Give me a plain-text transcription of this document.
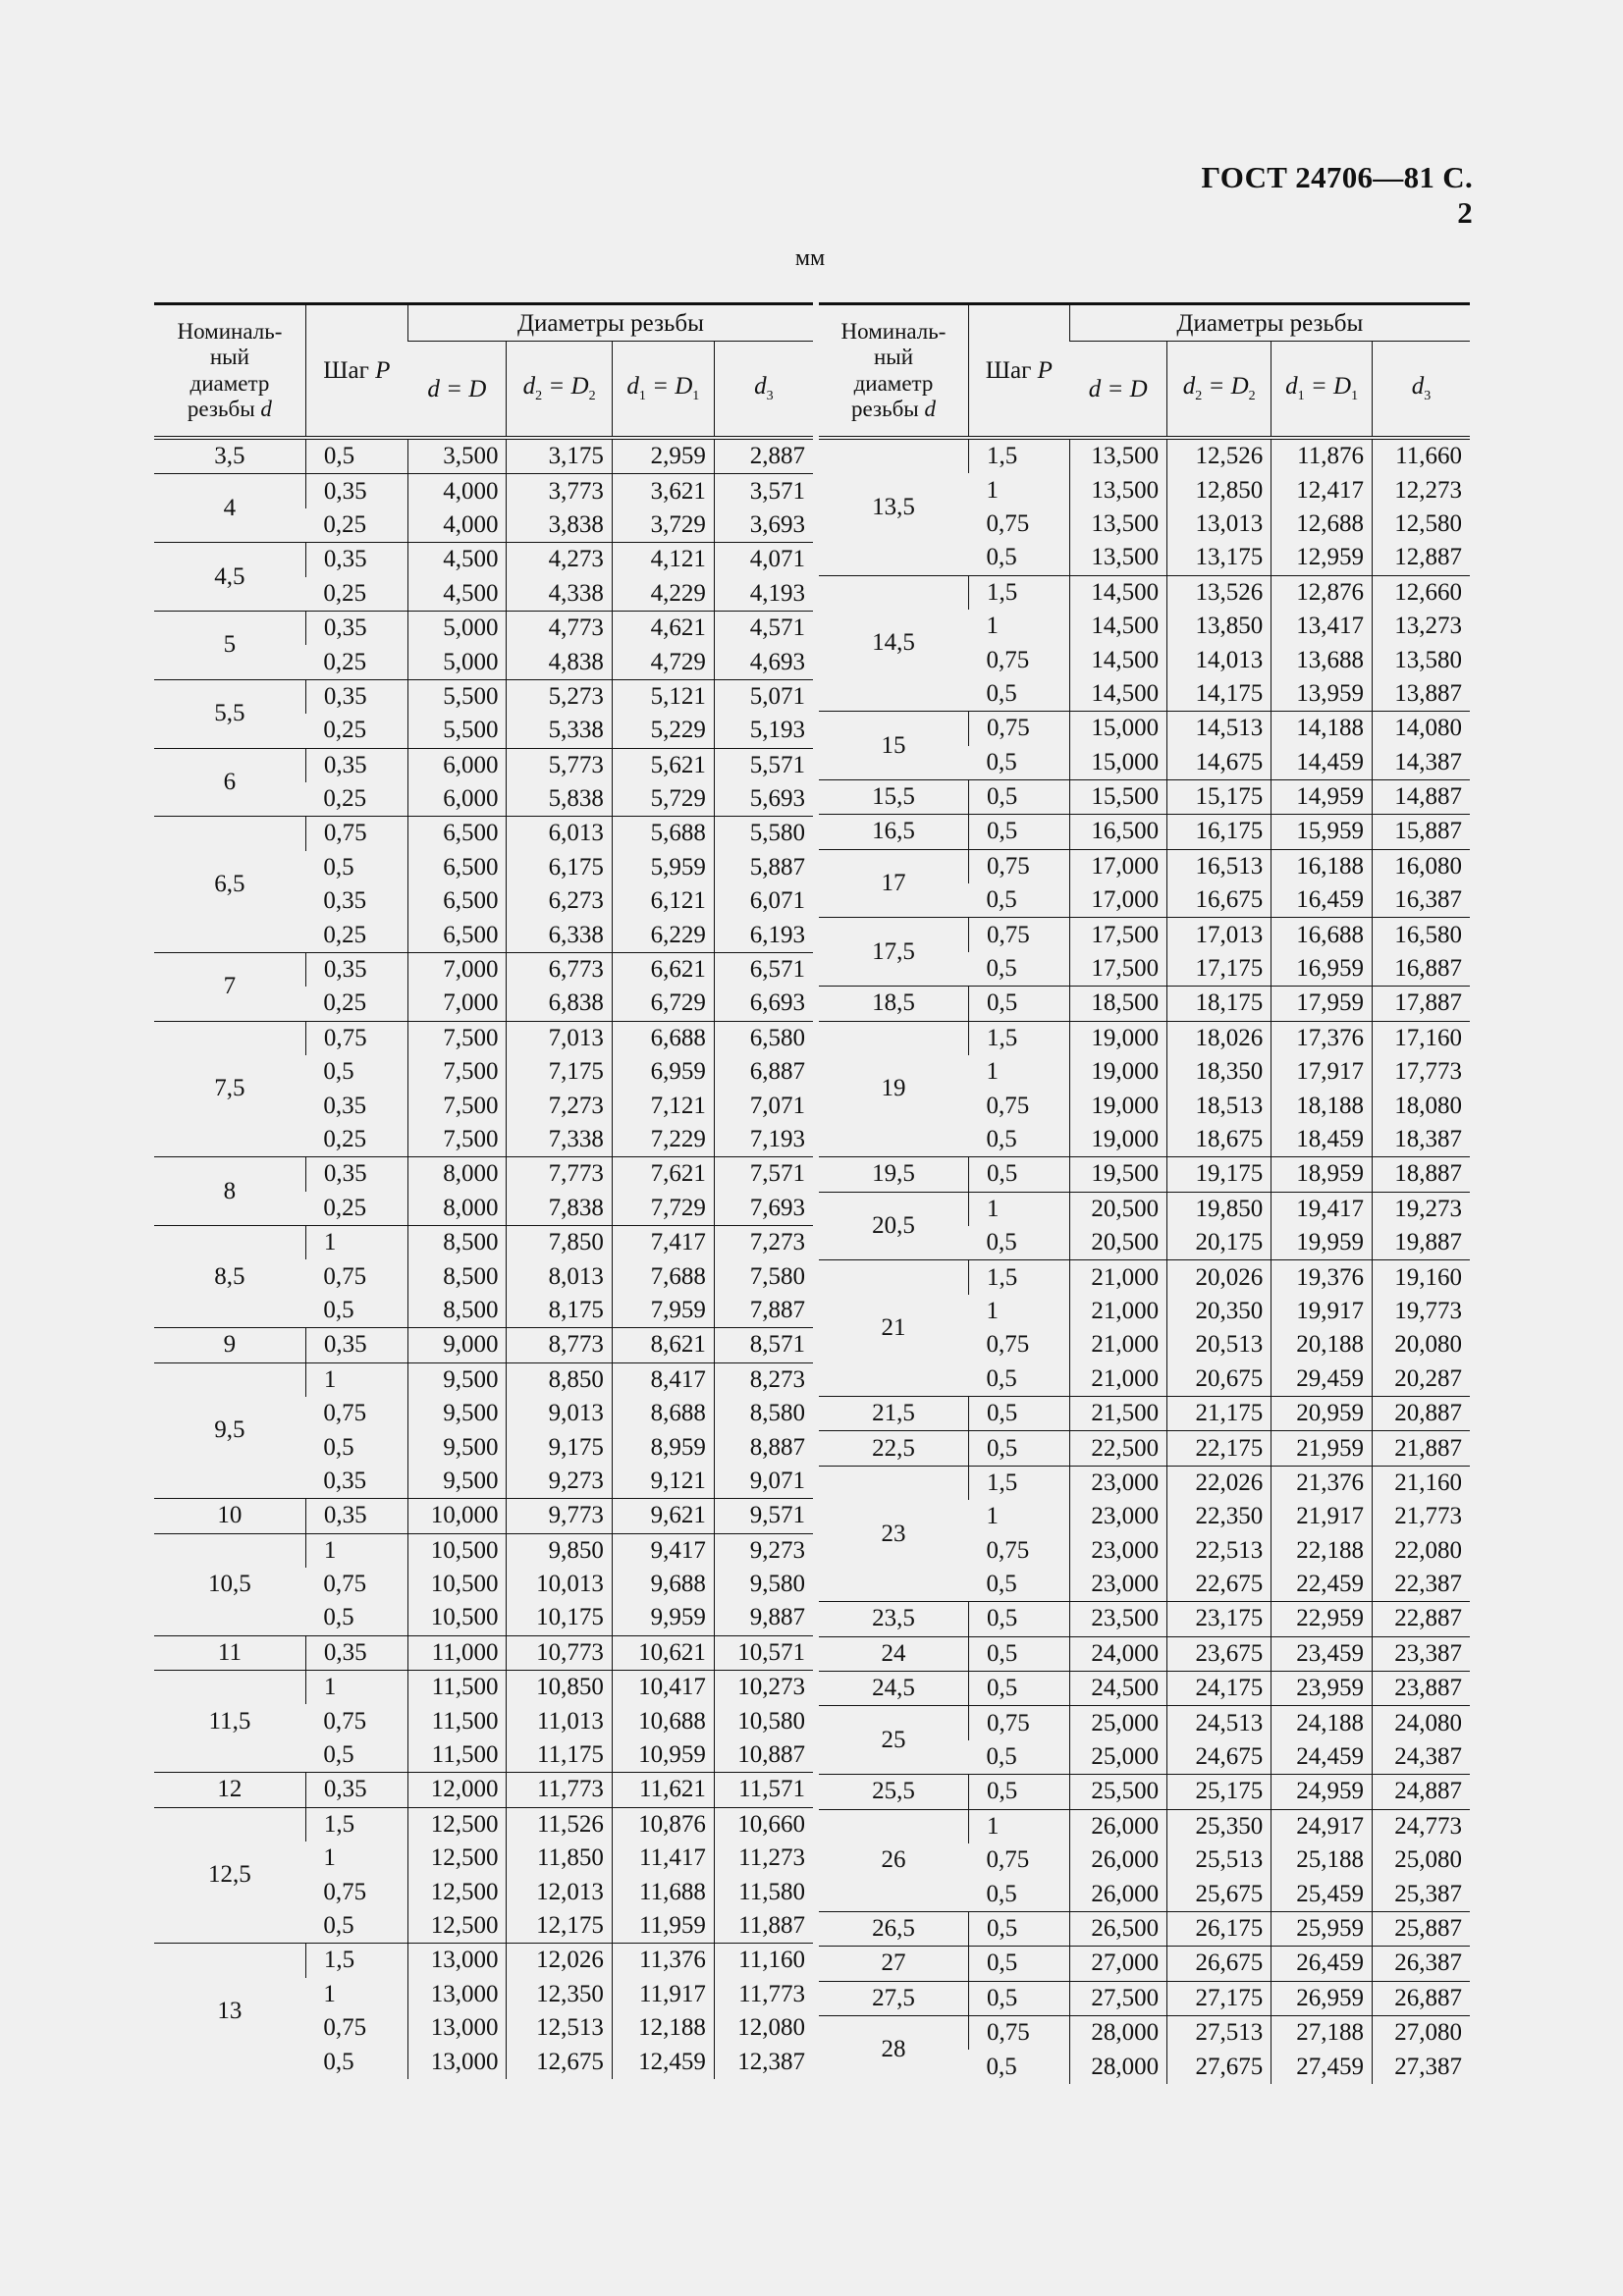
ГОСТ 24706—81 С. 2
мм
Номиналь-
ный
диаметр
резьбы d	Шаг P	Диаметры резьбы			
		d = D	$d_2 = D_2$	$d_1 = D_1$	$d_3$
3,5	0,5	3,500	3,175	2,959	2,887
4	0,35	4,000	3,773	3,621	3,571
	0,25	4,000	3,838	3,729	3,693
4,5	0,35	4,500	4,273	4,121	4,071
	0,25	4,500	4,338	4,229	4,193
5	0,35	5,000	4,773	4,621	4,571
	0,25	5,000	4,838	4,729	4,693
5,5	0,35	5,500	5,273	5,121	5,071
	0,25	5,500	5,338	5,229	5,193
6	0,35	6,000	5,773	5,621	5,571
	0,25	6,000	5,838	5,729	5,693
6,5	0,75	6,500	6,013	5,688	5,580
	0,5	6,500	6,175	5,959	5,887
	0,35	6,500	6,273	6,121	6,071
	0,25	6,500	6,338	6,229	6,193
7	0,35	7,000	6,773	6,621	6,571
	0,25	7,000	6,838	6,729	6,693
7,5	0,75	7,500	7,013	6,688	6,580
	0,5	7,500	7,175	6,959	6,887
	0,35	7,500	7,273	7,121	7,071
	0,25	7,500	7,338	7,229	7,193
8	0,35	8,000	7,773	7,621	7,571
	0,25	8,000	7,838	7,729	7,693
8,5	1	8,500	7,850	7,417	7,273
	0,75	8,500	8,013	7,688	7,580
	0,5	8,500	8,175	7,959	7,887
9	0,35	9,000	8,773	8,621	8,571
9,5	1	9,500	8,850	8,417	8,273
	0,75	9,500	9,013	8,688	8,580
	0,5	9,500	9,175	8,959	8,887
	0,35	9,500	9,273	9,121	9,071
10	0,35	10,000	9,773	9,621	9,571
10,5	1	10,500	9,850	9,417	9,273
	0,75	10,500	10,013	9,688	9,580
	0,5	10,500	10,175	9,959	9,887
11	0,35	11,000	10,773	10,621	10,571
11,5	1	11,500	10,850	10,417	10,273
	0,75	11,500	11,013	10,688	10,580
	0,5	11,500	11,175	10,959	10,887
12	0,35	12,000	11,773	11,621	11,571
12,5	1,5	12,500	11,526	10,876	10,660
	1	12,500	11,850	11,417	11,273
	0,75	12,500	12,013	11,688	11,580
	0,5	12,500	12,175	11,959	11,887
13	1,5	13,000	12,026	11,376	11,160
	1	13,000	12,350	11,917	11,773
	0,75	13,000	12,513	12,188	12,080
	0,5	13,000	12,675	12,459	12,387
Номиналь-
ный
диаметр
резьбы d	Шаг P	Диаметры резьбы			
		d = D	$d_2 = D_2$	$d_1 = D_1$	$d_3$
13,5	1,5	13,500	12,526	11,876	11,660
	1	13,500	12,850	12,417	12,273
	0,75	13,500	13,013	12,688	12,580
	0,5	13,500	13,175	12,959	12,887
14,5	1,5	14,500	13,526	12,876	12,660
	1	14,500	13,850	13,417	13,273
	0,75	14,500	14,013	13,688	13,580
	0,5	14,500	14,175	13,959	13,887
15	0,75	15,000	14,513	14,188	14,080
	0,5	15,000	14,675	14,459	14,387
15,5	0,5	15,500	15,175	14,959	14,887
16,5	0,5	16,500	16,175	15,959	15,887
17	0,75	17,000	16,513	16,188	16,080
	0,5	17,000	16,675	16,459	16,387
17,5	0,75	17,500	17,013	16,688	16,580
	0,5	17,500	17,175	16,959	16,887
18,5	0,5	18,500	18,175	17,959	17,887
19	1,5	19,000	18,026	17,376	17,160
	1	19,000	18,350	17,917	17,773
	0,75	19,000	18,513	18,188	18,080
	0,5	19,000	18,675	18,459	18,387
19,5	0,5	19,500	19,175	18,959	18,887
20,5	1	20,500	19,850	19,417	19,273
	0,5	20,500	20,175	19,959	19,887
21	1,5	21,000	20,026	19,376	19,160
	1	21,000	20,350	19,917	19,773
	0,75	21,000	20,513	20,188	20,080
	0,5	21,000	20,675	29,459	20,287
21,5	0,5	21,500	21,175	20,959	20,887
22,5	0,5	22,500	22,175	21,959	21,887
23	1,5	23,000	22,026	21,376	21,160
	1	23,000	22,350	21,917	21,773
	0,75	23,000	22,513	22,188	22,080
	0,5	23,000	22,675	22,459	22,387
23,5	0,5	23,500	23,175	22,959	22,887
24	0,5	24,000	23,675	23,459	23,387
24,5	0,5	24,500	24,175	23,959	23,887
25	0,75	25,000	24,513	24,188	24,080
	0,5	25,000	24,675	24,459	24,387
25,5	0,5	25,500	25,175	24,959	24,887
26	1	26,000	25,350	24,917	24,773
	0,75	26,000	25,513	25,188	25,080
	0,5	26,000	25,675	25,459	25,387
26,5	0,5	26,500	26,175	25,959	25,887
27	0,5	27,000	26,675	26,459	26,387
27,5	0,5	27,500	27,175	26,959	26,887
28	0,75	28,000	27,513	27,188	27,080
	0,5	28,000	27,675	27,459	27,387
